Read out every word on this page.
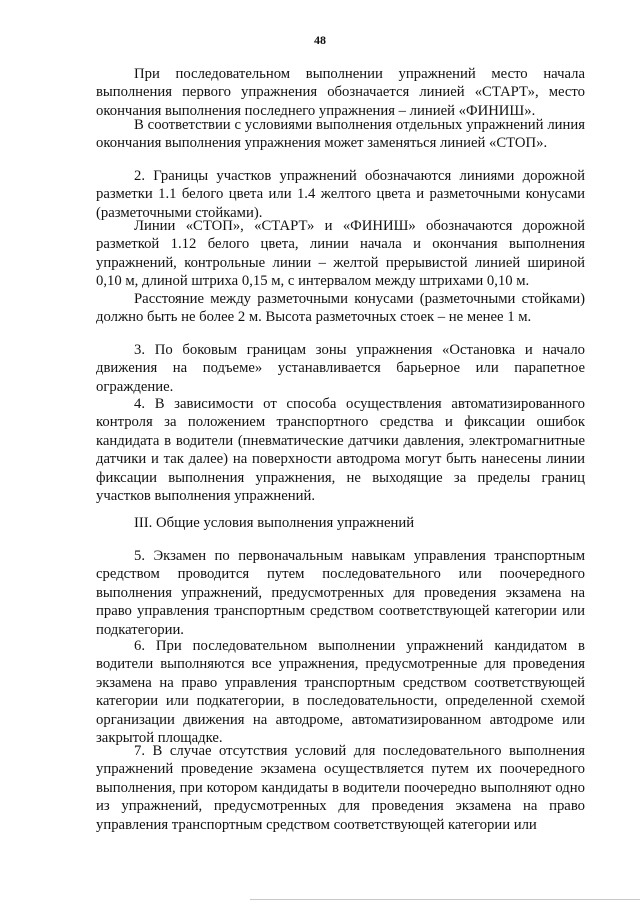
48

При последовательном выполнении упражнений место начала выполнения первого упражнения обозначается линией «СТАРТ», место окончания выполнения последнего упражнения – линией «ФИНИШ».

В соответствии с условиями выполнения отдельных упражнений линия окончания выполнения упражнения может заменяться линией «СТОП».

2. Границы участков упражнений обозначаются линиями дорожной разметки 1.1 белого цвета или 1.4 желтого цвета и разметочными конусами (разметочными стойками).

Линии «СТОП», «СТАРТ» и «ФИНИШ» обозначаются дорожной разметкой 1.12 белого цвета, линии начала и окончания выполнения упражнений, контрольные линии – желтой прерывистой линией шириной 0,10 м, длиной штриха 0,15 м, с интервалом между штрихами 0,10 м.

Расстояние между разметочными конусами (разметочными стойками) должно быть не более 2 м. Высота разметочных стоек – не менее 1 м.

3. По боковым границам зоны упражнения «Остановка и начало движения на подъеме» устанавливается барьерное или парапетное ограждение.

4. В зависимости от способа осуществления автоматизированного контроля за положением транспортного средства и фиксации ошибок кандидата в водители (пневматические датчики давления, электромагнитные датчики и так далее) на поверхности автодрома могут быть нанесены линии фиксации выполнения упражнения, не выходящие за пределы границ участков выполнения упражнений.

III. Общие условия выполнения упражнений

5. Экзамен по первоначальным навыкам управления транспортным средством проводится путем последовательного или поочередного выполнения упражнений, предусмотренных для проведения экзамена на право управления транспортным средством соответствующей категории или подкатегории.

6. При последовательном выполнении упражнений кандидатом в водители выполняются все упражнения, предусмотренные для проведения экзамена на право управления транспортным средством соответствующей категории или подкатегории, в последовательности, определенной схемой организации движения на автодроме, автоматизированном автодроме или закрытой площадке.

7. В случае отсутствия условий для последовательного выполнения упражнений проведение экзамена осуществляется путем их поочередного выполнения, при котором кандидаты в водители поочередно выполняют одно из упражнений, предусмотренных для проведения экзамена на право управления транспортным средством соответствующей категории или
